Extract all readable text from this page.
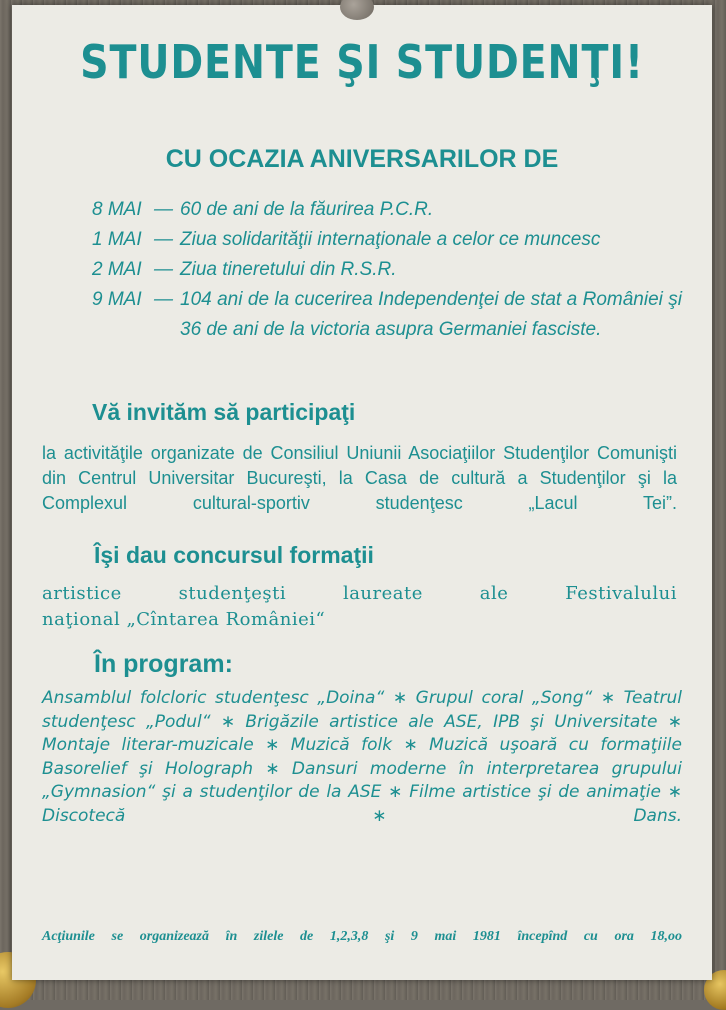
STUDENTE ŞI STUDENŢI!
CU OCAZIA ANIVERSARILOR DE
8 MAI — 60 de ani de la făurirea P.C.R.
1 MAI — Ziua solidarităţii internaţionale a celor ce muncesc
2 MAI — Ziua tineretului din R.S.R.
9 MAI — 104 ani de la cucerirea Independenţei de stat a României şi 36 de ani de la victoria asupra Germaniei fasciste.
Vă invităm să participaţi

la activităţile organizate de Consiliul Uniunii Asociaţiilor Studenţilor Comunişti din Centrul Universitar Bucureşti, la Casa de cultură a Studenţilor şi la Complexul cultural-sportiv studenţesc „Lacul Tei”.

Îşi dau concursul formaţii

artistice studenţeşti laureate ale Festivalului
naţional „Cîntarea României“

În program:

Ansamblul folcloric studenţesc „Doina“ ∗ Grupul coral „Song“ ∗ Teatrul studenţesc „Podul“ ∗ Brigăzile artistice ale ASE, IPB şi Universitate ∗ Montaje literar-muzicale ∗ Muzică folk ∗ Muzică uşoară cu formaţiile Basorelief şi Holograph ∗ Dansuri moderne în interpretarea grupului „Gymnasion“ şi a studenţilor de la ASE ∗ Filme artistice şi de animaţie ∗ Discotecă ∗ Dans.

Acţiunile se organizează în zilele de 1,2,3,8 şi 9 mai 1981 începînd cu ora 18,oo
